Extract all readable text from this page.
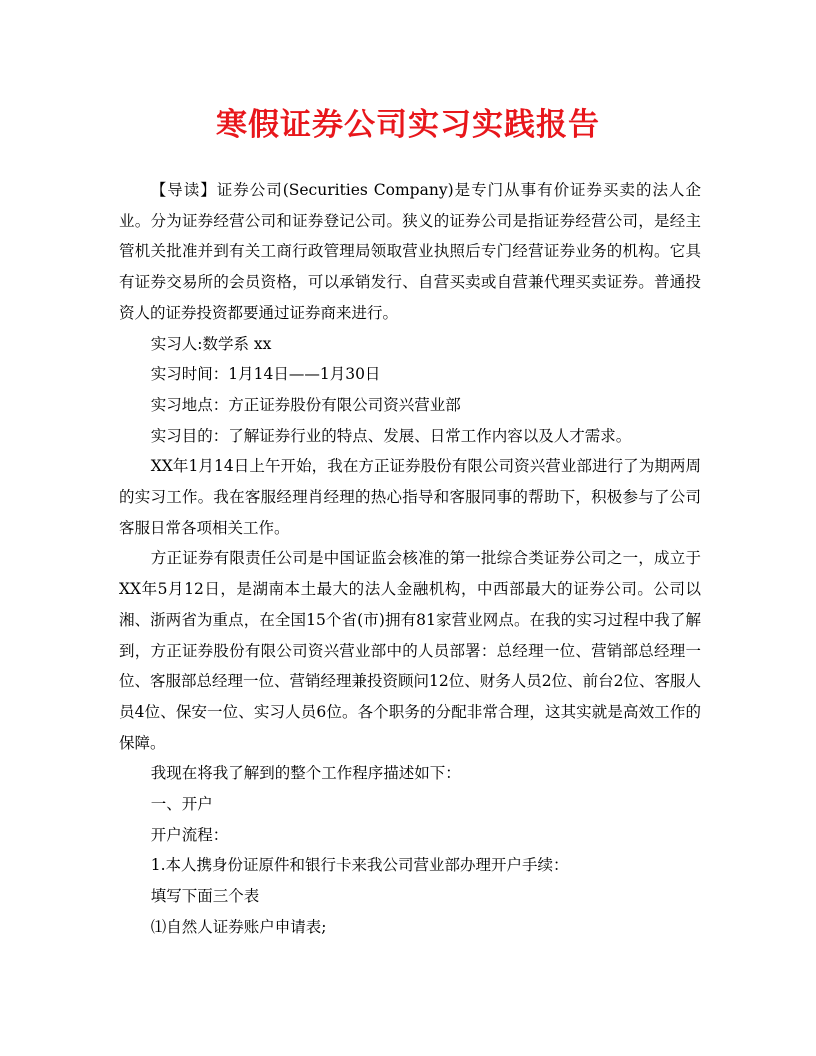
寒假证券公司实习实践报告

【导读】证券公司(Securities Company)是专门从事有价证券买卖的法人企业。分为证券经营公司和证券登记公司。狭义的证券公司是指证券经营公司，是经主管机关批准并到有关工商行政管理局领取营业执照后专门经营证券业务的机构。它具有证券交易所的会员资格，可以承销发行、自营买卖或自营兼代理买卖证券。普通投资人的证券投资都要通过证券商来进行。

实习人:数学系 xx

实习时间：1月14日——1月30日

实习地点：方正证券股份有限公司资兴营业部

实习目的：了解证券行业的特点、发展、日常工作内容以及人才需求。

XX年1月14日上午开始，我在方正证券股份有限公司资兴营业部进行了为期两周的实习工作。我在客服经理肖经理的热心指导和客服同事的帮助下，积极参与了公司客服日常各项相关工作。

方正证券有限责任公司是中国证监会核准的第一批综合类证券公司之一，成立于XX年5月12日，是湖南本土最大的法人金融机构，中西部最大的证券公司。公司以湘、浙两省为重点，在全国15个省(市)拥有81家营业网点。在我的实习过程中我了解到，方正证券股份有限公司资兴营业部中的人员部署：总经理一位、营销部总经理一位、客服部总经理一位、营销经理兼投资顾问12位、财务人员2位、前台2位、客服人员4位、保安一位、实习人员6位。各个职务的分配非常合理，这其实就是高效工作的保障。

我现在将我了解到的整个工作程序描述如下：

一、开户

开户流程：

1.本人携身份证原件和银行卡来我公司营业部办理开户手续：

填写下面三个表

⑴自然人证券账户申请表;
